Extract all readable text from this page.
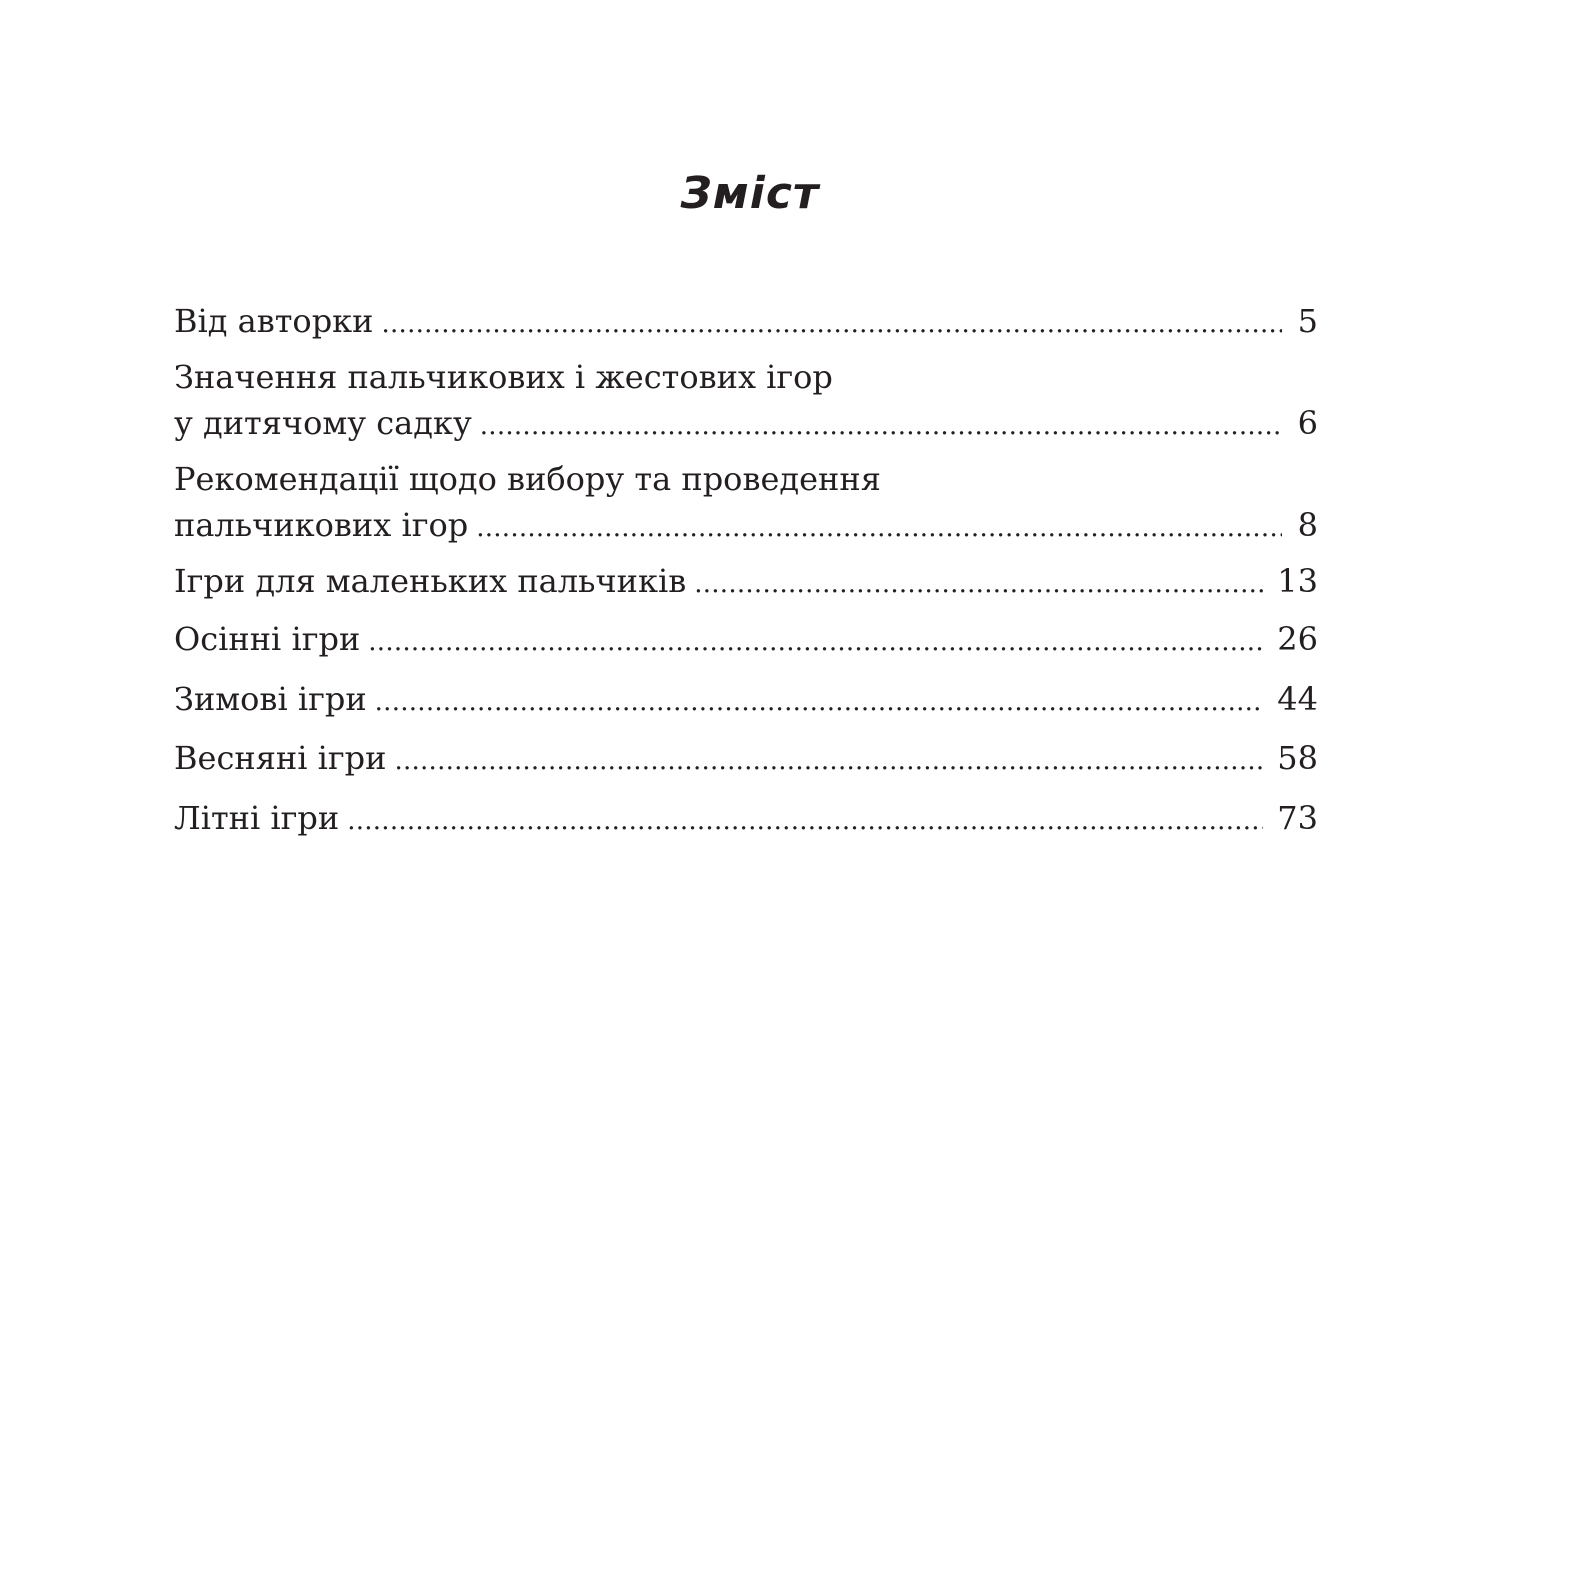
Зміст
Від авторки . . .	5
Значення пальчикових і жестових ігор
у дитячому садку . . .	6
Рекомендації щодо вибору та проведення
пальчикових ігор . . .	8
Ігри для маленьких пальчиків . . .	13
Осінні ігри . . .	26
Зимові ігри . . .	44
Весняні ігри . . .	58
Літні ігри . . .	73
